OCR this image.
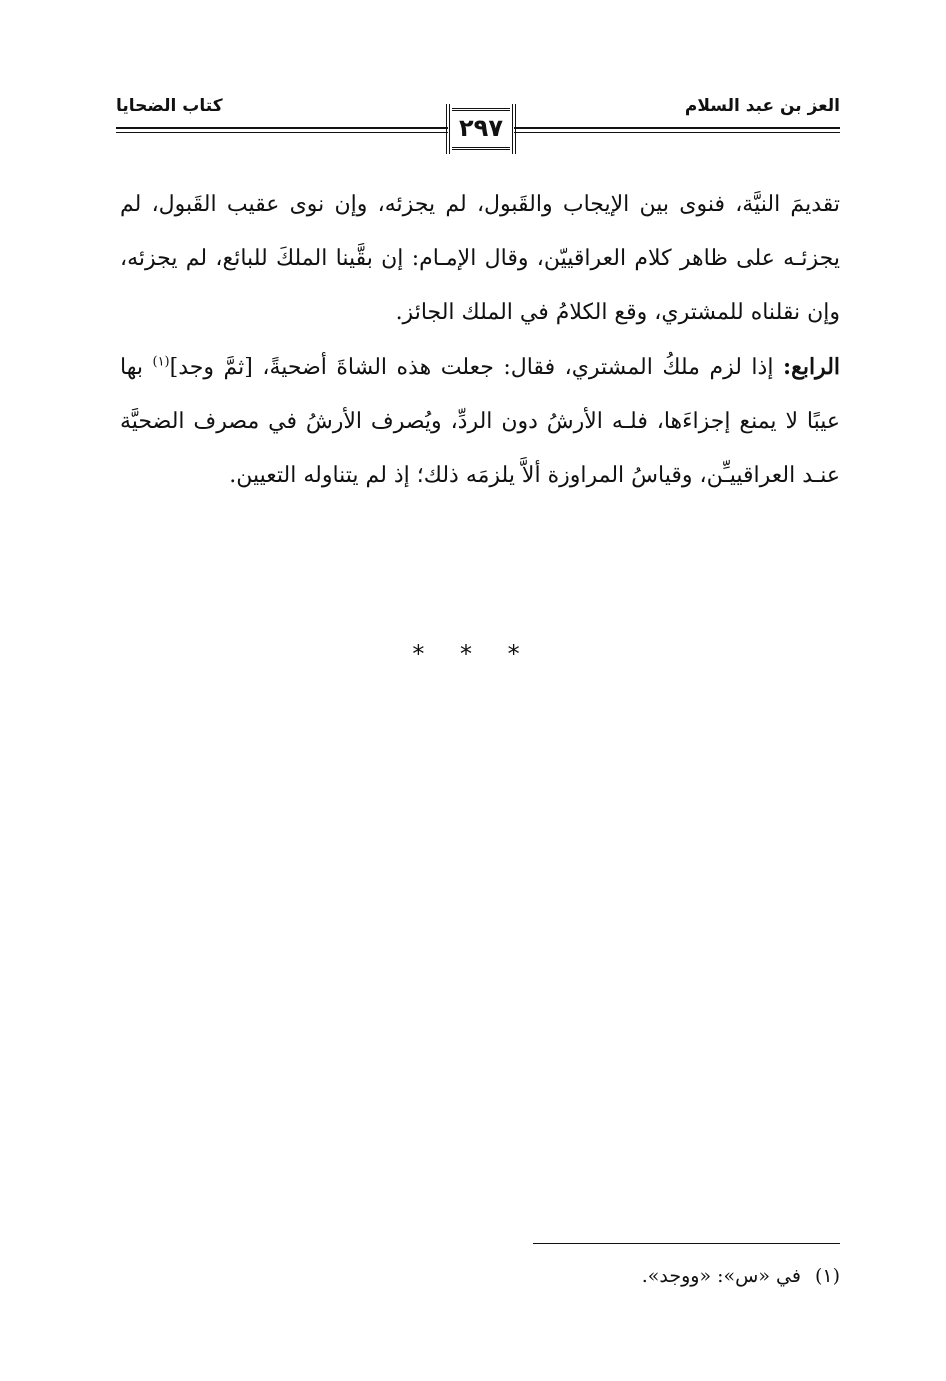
العز بن عبد السلام
كتاب الضحايا
٢٩٧
تقديمَ النيَّة، فنوى بين الإيجاب والقَبول، لم يجزئه، وإن نوى عقيب القَبول، لم يجزئـه على ظاهر كلام العراقييّن، وقال الإمـام: إن بقَّينا الملكَ للبائع، لم يجزئه، وإن نقلناه للمشتري، وقع الكلامُ في الملك الجائز.
الرابع: إذا لزم ملكُ المشتري، فقال: جعلت هذه الشاةَ أضحيةً، [ثمَّ وجد]$^{(١)}$ بها عيبًا لا يمنع إجزاءَها، فلـه الأرشُ دون الردِّ، ويُصرف الأرشُ في مصرف الضحيَّة عنـد العراقييـِّن، وقياسُ المراوزة ألاَّ يلزمَه ذلك؛ إذ لم يتناوله التعيين.
* * *
(١)في «س»: «ووجد».
